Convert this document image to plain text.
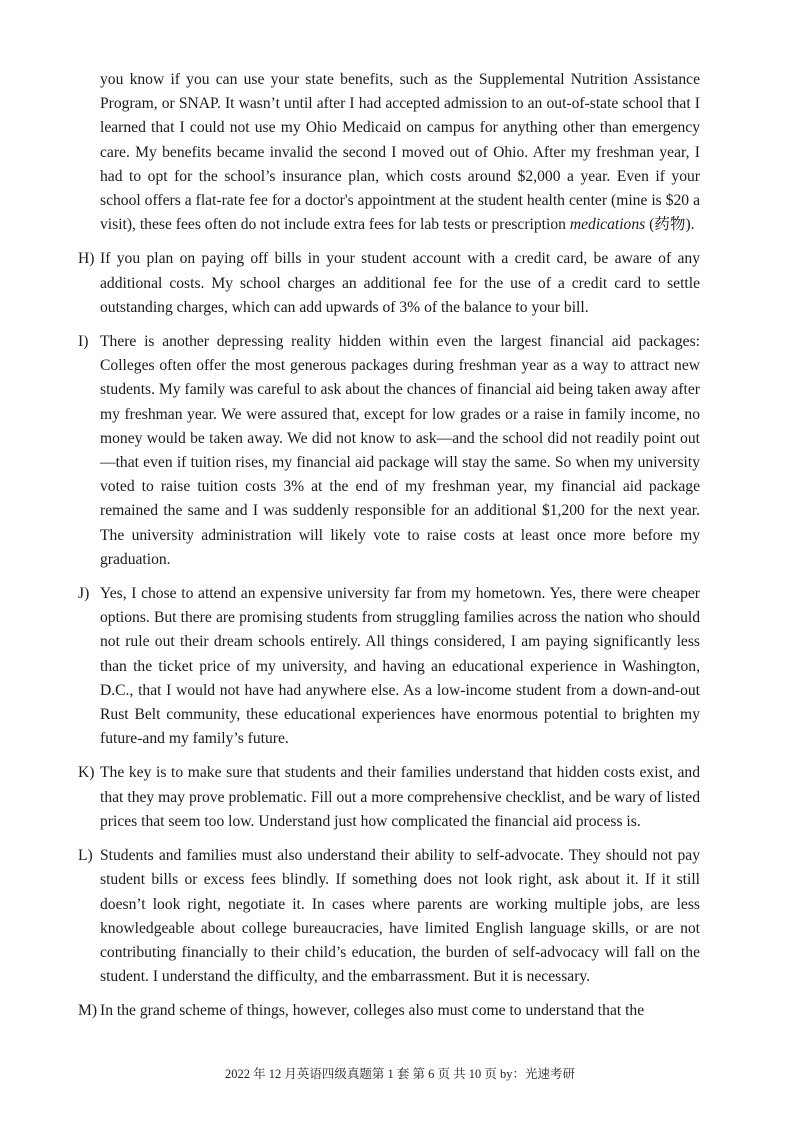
you know if you can use your state benefits, such as the Supplemental Nutrition Assistance Program, or SNAP. It wasn’t until after I had accepted admission to an out-of-state school that I learned that I could not use my Ohio Medicaid on campus for anything other than emergency care. My benefits became invalid the second I moved out of Ohio. After my freshman year, I had to opt for the school’s insurance plan, which costs around $2,000 a year. Even if your school offers a flat-rate fee for a doctor's appointment at the student health center (mine is $20 a visit), these fees often do not include extra fees for lab tests or prescription medications (药物).

H) If you plan on paying off bills in your student account with a credit card, be aware of any additional costs. My school charges an additional fee for the use of a credit card to settle outstanding charges, which can add upwards of 3% of the balance to your bill.

I) There is another depressing reality hidden within even the largest financial aid packages: Colleges often offer the most generous packages during freshman year as a way to attract new students. My family was careful to ask about the chances of financial aid being taken away after my freshman year. We were assured that, except for low grades or a raise in family income, no money would be taken away. We did not know to ask—and the school did not readily point out—that even if tuition rises, my financial aid package will stay the same. So when my university voted to raise tuition costs 3% at the end of my freshman year, my financial aid package remained the same and I was suddenly responsible for an additional $1,200 for the next year. The university administration will likely vote to raise costs at least once more before my graduation.

J) Yes, I chose to attend an expensive university far from my hometown. Yes, there were cheaper options. But there are promising students from struggling families across the nation who should not rule out their dream schools entirely. All things considered, I am paying significantly less than the ticket price of my university, and having an educational experience in Washington, D.C., that I would not have had anywhere else. As a low-income student from a down-and-out Rust Belt community, these educational experiences have enormous potential to brighten my future-and my family’s future.

K) The key is to make sure that students and their families understand that hidden costs exist, and that they may prove problematic. Fill out a more comprehensive checklist, and be wary of listed prices that seem too low. Understand just how complicated the financial aid process is.

L) Students and families must also understand their ability to self-advocate. They should not pay student bills or excess fees blindly. If something does not look right, ask about it. If it still doesn’t look right, negotiate it. In cases where parents are working multiple jobs, are less knowledgeable about college bureaucracies, have limited English language skills, or are not contributing financially to their child’s education, the burden of self-advocacy will fall on the student. I understand the difficulty, and the embarrassment. But it is necessary.

M) In the grand scheme of things, however, colleges also must come to understand that the

2022 年 12 月英语四级真题第 1 套 第 6 页 共 10 页 by：光速考研
